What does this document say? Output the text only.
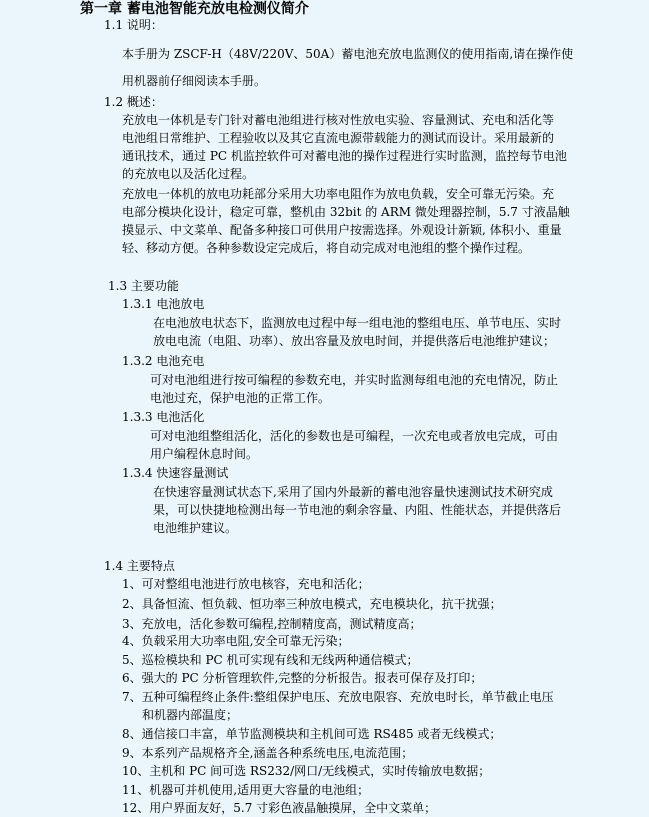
第一章 蓄电池智能充放电检测仪简介
1.1 说明：
本手册为 ZSCF-H（48V/220V、50A）蓄电池充放电监测仪的使用指南,请在操作使
用机器前仔细阅读本手册。
1.2 概述：
充放电一体机是专门针对蓄电池组进行核对性放电实验、容量测试、充电和活化等
电池组日常维护、工程验收以及其它直流电源带载能力的测试而设计。采用最新的
通讯技术，通过 PC 机监控软件可对蓄电池的操作过程进行实时监测，监控每节电池
的充放电以及活化过程。
充放电一体机的放电功耗部分采用大功率电阻作为放电负载，安全可靠无污染。充
电部分模块化设计，稳定可靠，整机由 32bit 的 ARM 微处理器控制，5.7 寸液晶触
摸显示、中文菜单、配备多种接口可供用户按需选择。外观设计新颖, 体积小、重量
轻、移动方便。各种参数设定完成后，将自动完成对电池组的整个操作过程。
1.3 主要功能
1.3.1 电池放电
在电池放电状态下，监测放电过程中每一组电池的整组电压、单节电压、实时
放电电流（电阻、功率）、放出容量及放电时间，并提供落后电池维护建议；
1.3.2 电池充电
可对电池组进行按可编程的参数充电，并实时监测每组电池的充电情况，防止
电池过充，保护电池的正常工作。
1.3.3 电池活化
可对电池组整组活化，活化的参数也是可编程，一次充电或者放电完成，可由
用户编程休息时间。
1.3.4 快速容量测试
在快速容量测试状态下,采用了国内外最新的蓄电池容量快速测试技术研究成
果，可以快捷地检测出每一节电池的剩余容量、内阻、性能状态，并提供落后
电池维护建议。
1.4 主要特点
1、可对整组电池进行放电核容，充电和活化；
2、具备恒流、恒负载、恒功率三种放电模式，充电模块化，抗干扰强；
3、充放电，活化参数可编程,控制精度高，测试精度高；
4、负载采用大功率电阻,安全可靠无污染；
5、巡检模块和 PC 机可实现有线和无线两种通信模式；
6、强大的 PC 分析管理软件,完整的分析报告。报表可保存及打印；
7、五种可编程终止条件:整组保护电压、充放电限容、充放电时长，单节截止电压
和机器内部温度；
8、通信接口丰富，单节监测模块和主机间可选 RS485 或者无线模式；
9、本系列产品规格齐全,涵盖各种系统电压,电流范围；
10、主机和 PC 间可选 RS232/网口/无线模式，实时传输放电数据；
11、机器可并机使用,适用更大容量的电池组；
12、用户界面友好，5.7 寸彩色液晶触摸屏，全中文菜单；
